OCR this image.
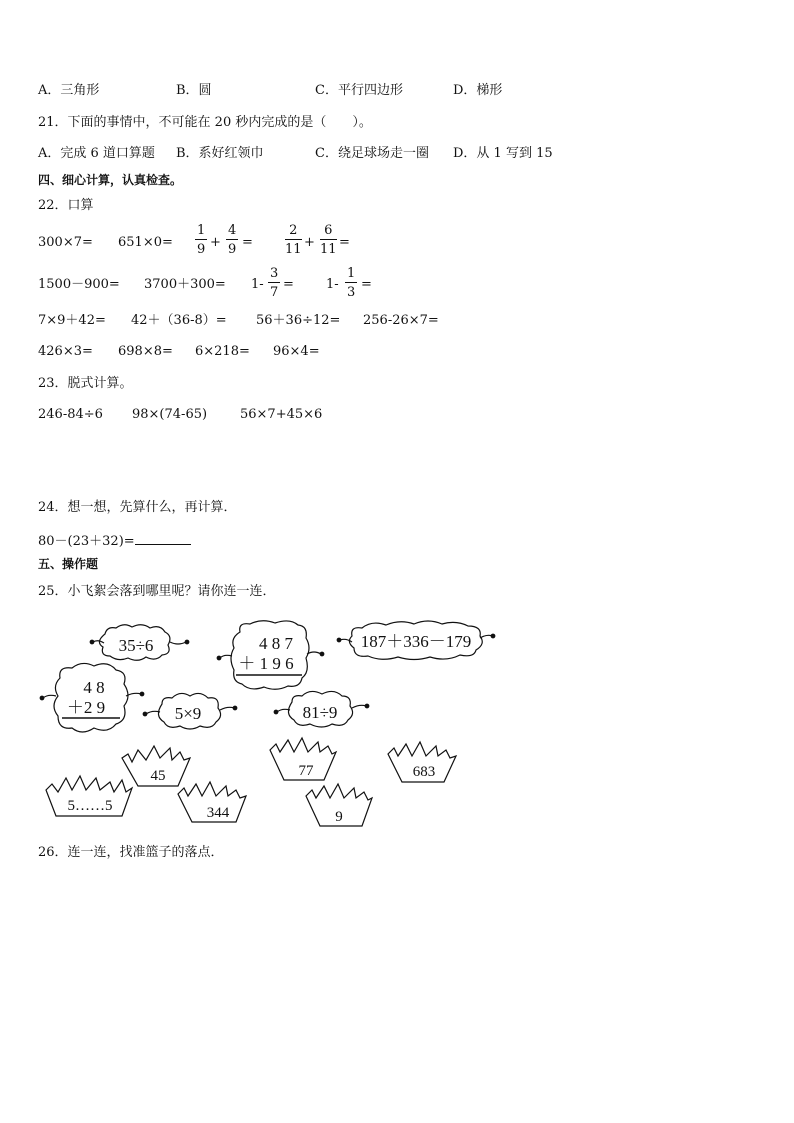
A．三角形	B．圆	C．平行四边形	D．梯形
21．下面的事情中，不可能在 20 秒内完成的是（　　）。
A．完成 6 道口算题 B．系好红领巾	C．绕足球场走一圈 D．从 1 写到 15
四、细心计算，认真检查。
22．口算
$300\times 7= 651\times 0= \frac{1}{9} + \frac{4}{9} = \frac{2}{11} + \frac{6}{11}$ =
$1500-900= 3700+300= 1- \frac{3}{7} = 1- \frac{1}{3}$ =
7×9＋42= 42＋（36-8）= 56＋36÷12= 256-26×7=
426×3= 698×8= 6×218= 96×4=
23．脱式计算。
246-84÷6 98×(74-65)	56×7+45×6
24．想一想，先算什么，再计算．
80－(23＋32)=
五、操作题
25．小飞絮会落到哪里呢？请你连一连．
35÷6	4 8 7
＋ 1 9 6
187＋336－179
4 8
＋2 9	5×9	81÷9
45	77	683
5……5	344	9
26．连一连，找准篮子的落点．
